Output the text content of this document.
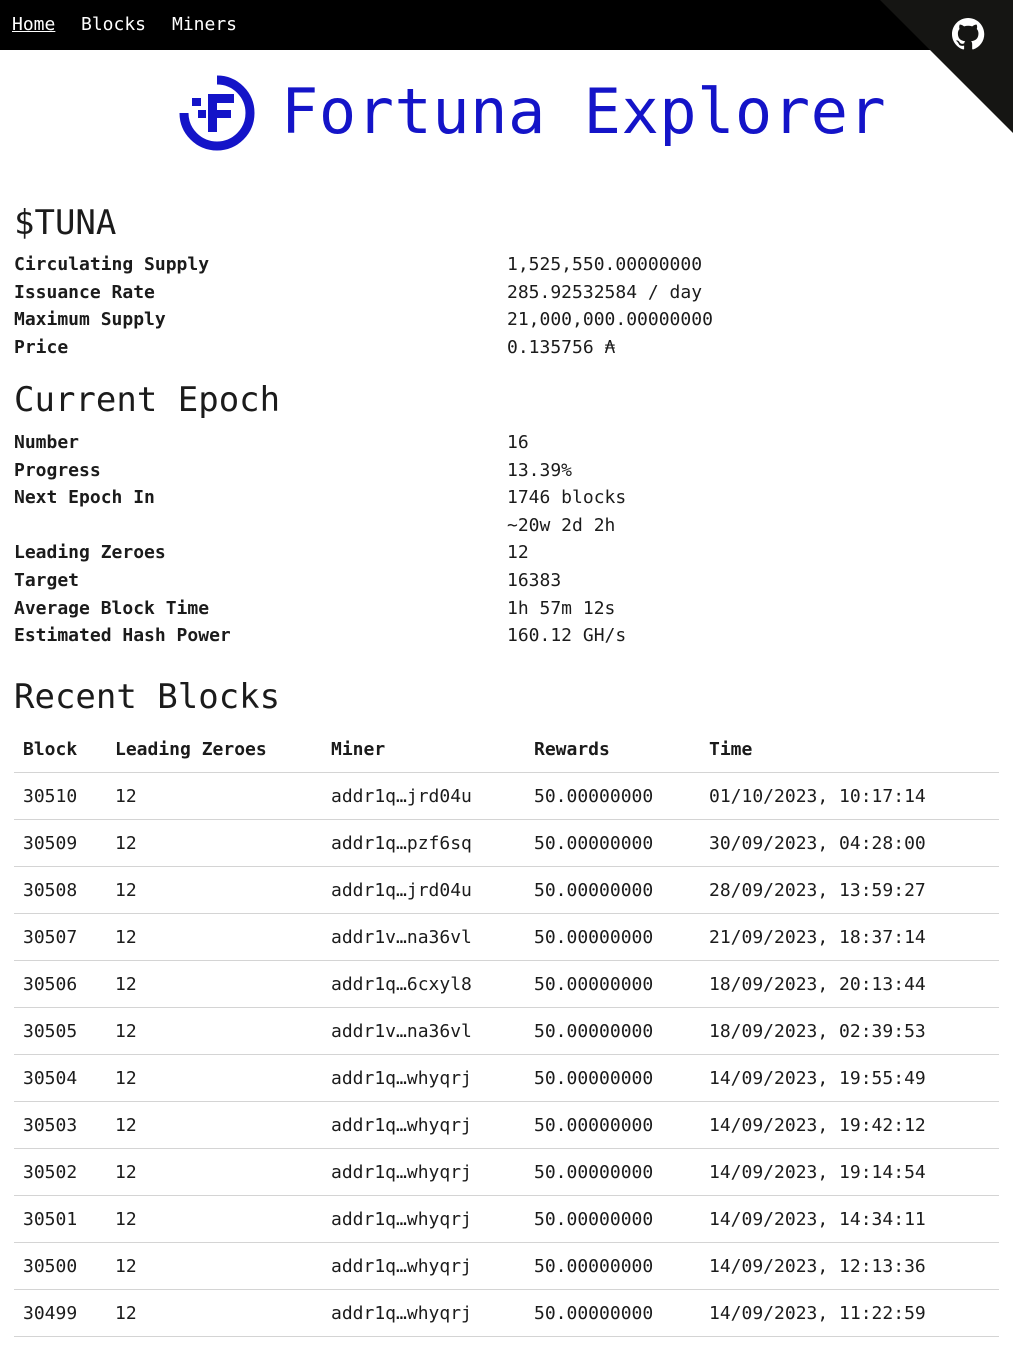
Home Blocks Miners
Fortuna Explorer
$TUNA
Circulating Supply	1,525,550.00000000
Issuance Rate	285.92532584 / day
Maximum Supply	21,000,000.00000000
Price	0.135756 ₳
Current Epoch
Number	16
Progress	13.39%
Next Epoch In	1746 blocks
~20w 2d 2h
Leading Zeroes	12
Target	16383
Average Block Time	1h 57m 12s
Estimated Hash Power	160.12 GH/s
Recent Blocks
Block	Leading Zeroes	Miner	Rewards	Time
30510	12	addr1q…jrd04u	50.00000000	01/10/2023, 10:17:14
30509	12	addr1q…pzf6sq	50.00000000	30/09/2023, 04:28:00
30508	12	addr1q…jrd04u	50.00000000	28/09/2023, 13:59:27
30507	12	addr1v…na36vl	50.00000000	21/09/2023, 18:37:14
30506	12	addr1q…6cxyl8	50.00000000	18/09/2023, 20:13:44
30505	12	addr1v…na36vl	50.00000000	18/09/2023, 02:39:53
30504	12	addr1q…whyqrj	50.00000000	14/09/2023, 19:55:49
30503	12	addr1q…whyqrj	50.00000000	14/09/2023, 19:42:12
30502	12	addr1q…whyqrj	50.00000000	14/09/2023, 19:14:54
30501	12	addr1q…whyqrj	50.00000000	14/09/2023, 14:34:11
30500	12	addr1q…whyqrj	50.00000000	14/09/2023, 12:13:36
30499	12	addr1q…whyqrj	50.00000000	14/09/2023, 11:22:59
